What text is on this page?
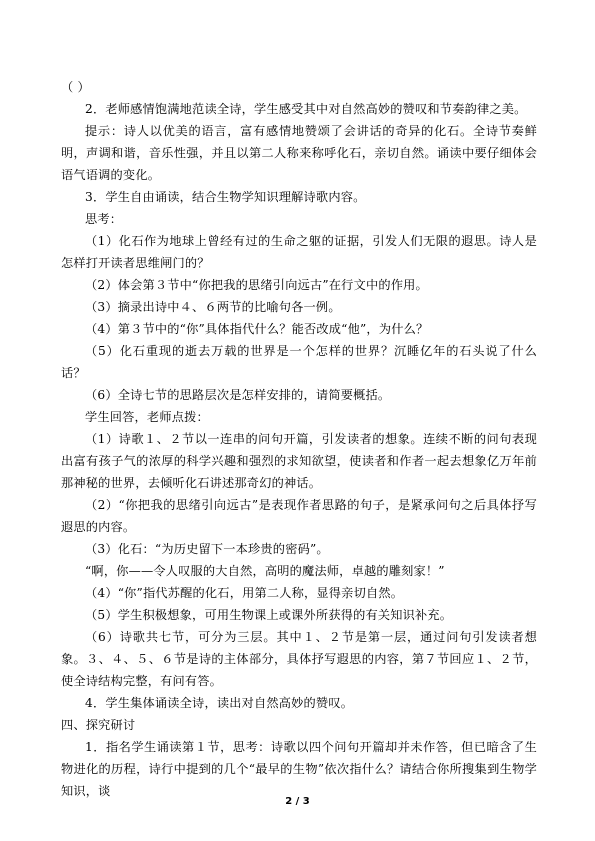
（ ）

2．老师感情饱满地范读全诗，学生感受其中对自然高妙的赞叹和节奏韵律之美。

提示：诗人以优美的语言，富有感情地赞颂了会讲话的奇异的化石。全诗节奏鲜明，声调和谐，音乐性强，并且以第二人称来称呼化石，亲切自然。诵读中要仔细体会语气语调的变化。

3．学生自由诵读，结合生物学知识理解诗歌内容。

思考：

（1）化石作为地球上曾经有过的生命之躯的证据，引发人们无限的遐思。诗人是怎样打开读者思维闸门的？

（2）体会第３节中“你把我的思绪引向远古”在行文中的作用。

（3）摘录出诗中４、６两节的比喻句各一例。

（4）第３节中的“你”具体指代什么？能否改成“他”，为什么？

（5）化石重现的逝去万载的世界是一个怎样的世界？沉睡亿年的石头说了什么话？

（6）全诗七节的思路层次是怎样安排的，请简要概括。

学生回答，老师点拨：

（1）诗歌１、２节以一连串的问句开篇，引发读者的想象。连续不断的问句表现出富有孩子气的浓厚的科学兴趣和强烈的求知欲望，使读者和作者一起去想象亿万年前那神秘的世界，去倾听化石讲述那奇幻的神话。

（2）“你把我的思绪引向远古”是表现作者思路的句子，是紧承问句之后具体抒写遐思的内容。

（3）化石：“为历史留下一本珍贵的密码”。

“啊，你——令人叹服的大自然，高明的魔法师，卓越的雕刻家！”

（4）“你”指代苏醒的化石，用第二人称，显得亲切自然。

（5）学生积极想象，可用生物课上或课外所获得的有关知识补充。

（6）诗歌共七节，可分为三层。其中１、２节是第一层，通过问句引发读者想象。３、４、５、６节是诗的主体部分，具体抒写遐思的内容，第７节回应１、２节，使全诗结构完整，有问有答。

4．学生集体诵读全诗，读出对自然高妙的赞叹。

四、探究研讨

1．指名学生诵读第１节，思考：诗歌以四个问句开篇却并未作答，但已暗含了生物进化的历程，诗行中提到的几个“最早的生物”依次指什么？请结合你所搜集到生物学知识，谈

2 / 3
